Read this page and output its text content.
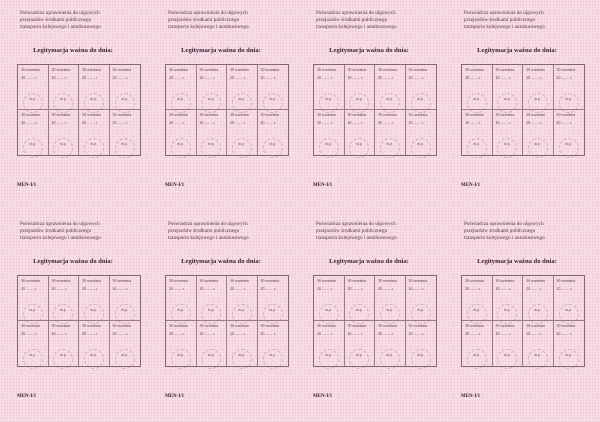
Poświadcza uprawnienia do ulgowych
przejazdów środkami publicznego
transportu kolejowego i autobusowego.
Legitymacja ważna do dnia:
30 września
20 ........ r.
m.p.
30 września
20 ........ r.
m.p.
30 września
20 ........ r.
m.p.
30 września
20 ........ r.
m.p.
30 września
20 ........ r.
m.p.
30 września
20 ........ r.
m.p.
30 września
20 ........ r.
m.p.
30 września
20 ........ r.
m.p.
MEN-I/1
Poświadcza uprawnienia do ulgowych
przejazdów środkami publicznego
transportu kolejowego i autobusowego.
Legitymacja ważna do dnia:
30 września
20 ........ r.
m.p.
30 września
20 ........ r.
m.p.
30 września
20 ........ r.
m.p.
30 września
20 ........ r.
m.p.
30 września
20 ........ r.
m.p.
30 września
20 ........ r.
m.p.
30 września
20 ........ r.
m.p.
30 września
20 ........ r.
m.p.
MEN-I/1
Poświadcza uprawnienia do ulgowych
przejazdów środkami publicznego
transportu kolejowego i autobusowego.
Legitymacja ważna do dnia:
30 września
20 ........ r.
m.p.
30 września
20 ........ r.
m.p.
30 września
20 ........ r.
m.p.
30 września
20 ........ r.
m.p.
30 września
20 ........ r.
m.p.
30 września
20 ........ r.
m.p.
30 września
20 ........ r.
m.p.
30 września
20 ........ r.
m.p.
MEN-I/1
Poświadcza uprawnienia do ulgowych
przejazdów środkami publicznego
transportu kolejowego i autobusowego.
Legitymacja ważna do dnia:
30 września
20 ........ r.
m.p.
30 września
20 ........ r.
m.p.
30 września
20 ........ r.
m.p.
30 września
20 ........ r.
m.p.
30 września
20 ........ r.
m.p.
30 września
20 ........ r.
m.p.
30 września
20 ........ r.
m.p.
30 września
20 ........ r.
m.p.
MEN-I/1
Poświadcza uprawnienia do ulgowych
przejazdów środkami publicznego
transportu kolejowego i autobusowego.
Legitymacja ważna do dnia:
30 września
20 ........ r.
m.p.
30 września
20 ........ r.
m.p.
30 września
20 ........ r.
m.p.
30 września
20 ........ r.
m.p.
30 września
20 ........ r.
m.p.
30 września
20 ........ r.
m.p.
30 września
20 ........ r.
m.p.
30 września
20 ........ r.
m.p.
MEN-I/1
Poświadcza uprawnienia do ulgowych
przejazdów środkami publicznego
transportu kolejowego i autobusowego.
Legitymacja ważna do dnia:
30 września
20 ........ r.
m.p.
30 września
20 ........ r.
m.p.
30 września
20 ........ r.
m.p.
30 września
20 ........ r.
m.p.
30 września
20 ........ r.
m.p.
30 września
20 ........ r.
m.p.
30 września
20 ........ r.
m.p.
30 września
20 ........ r.
m.p.
MEN-I/1
Poświadcza uprawnienia do ulgowych
przejazdów środkami publicznego
transportu kolejowego i autobusowego.
Legitymacja ważna do dnia:
30 września
20 ........ r.
m.p.
30 września
20 ........ r.
m.p.
30 września
20 ........ r.
m.p.
30 września
20 ........ r.
m.p.
30 września
20 ........ r.
m.p.
30 września
20 ........ r.
m.p.
30 września
20 ........ r.
m.p.
30 września
20 ........ r.
m.p.
MEN-I/1
Poświadcza uprawnienia do ulgowych
przejazdów środkami publicznego
transportu kolejowego i autobusowego.
Legitymacja ważna do dnia:
30 września
20 ........ r.
m.p.
30 września
20 ........ r.
m.p.
30 września
20 ........ r.
m.p.
30 września
20 ........ r.
m.p.
30 września
20 ........ r.
m.p.
30 września
20 ........ r.
m.p.
30 września
20 ........ r.
m.p.
30 września
20 ........ r.
m.p.
MEN-I/1
